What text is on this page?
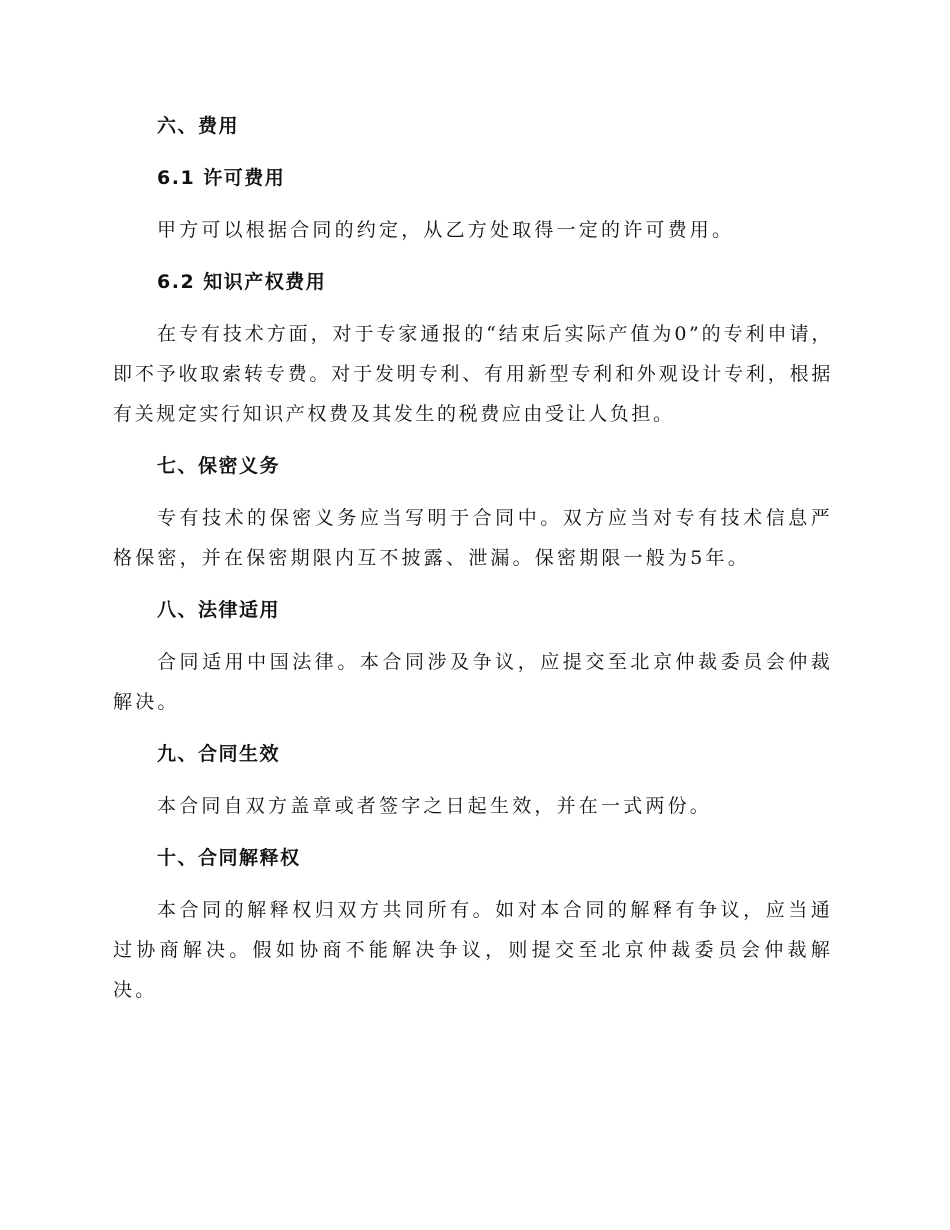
六、费用
6.1 许可费用

甲方可以根据合同的约定，从乙方处取得一定的许可费用。

6.2 知识产权费用

在专有技术方面，对于专家通报的“结束后实际产值为0”的专利申请，即不予收取索转专费。对于发明专利、有用新型专利和外观设计专利，根据有关规定实行知识产权费及其发生的税费应由受让人负担。

七、保密义务

专有技术的保密义务应当写明于合同中。双方应当对专有技术信息严格保密，并在保密期限内互不披露、泄漏。保密期限一般为5年。

八、法律适用

合同适用中国法律。本合同涉及争议，应提交至北京仲裁委员会仲裁解决。

九、合同生效

本合同自双方盖章或者签字之日起生效，并在一式两份。

十、合同解释权

本合同的解释权归双方共同所有。如对本合同的解释有争议，应当通过协商解决。假如协商不能解决争议，则提交至北京仲裁委员会仲裁解决。
